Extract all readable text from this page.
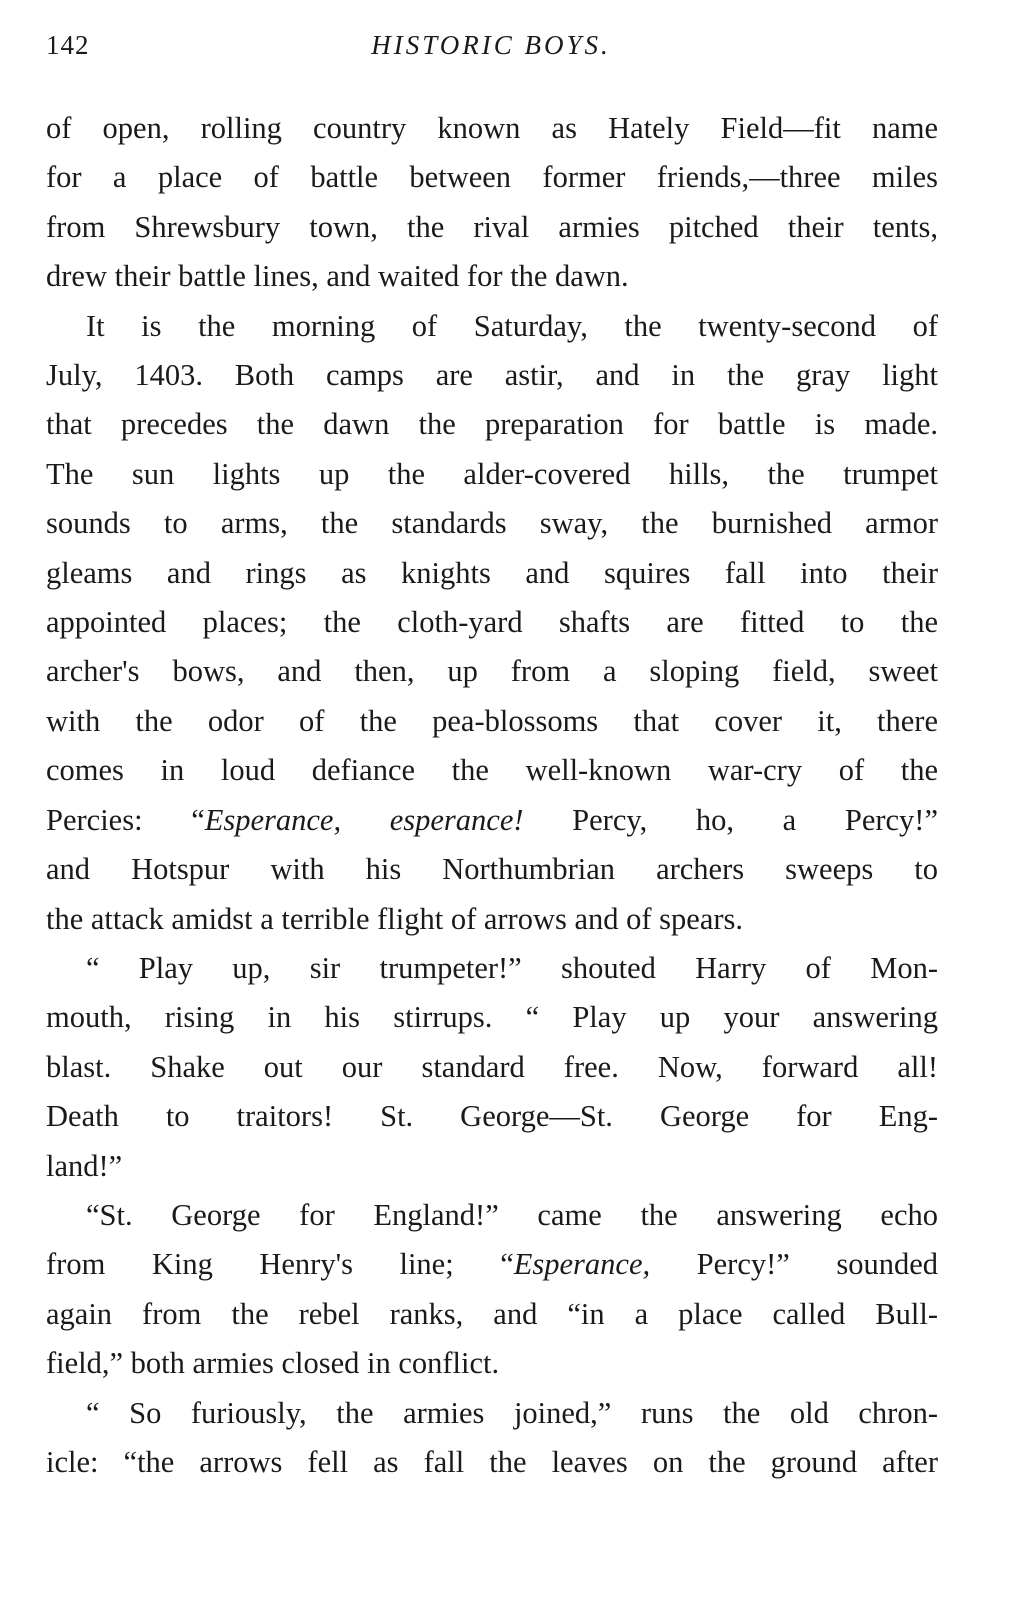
142	HISTORIC BOYS.

of open, rolling country known as Hately Field—fit name
for a place of battle between former friends,—three miles
from Shrewsbury town, the rival armies pitched their tents,
drew their battle lines, and waited for the dawn.

It is the morning of Saturday, the twenty-second of
July, 1403. Both camps are astir, and in the gray light
that precedes the dawn the preparation for battle is made.
The sun lights up the alder-covered hills, the trumpet
sounds to arms, the standards sway, the burnished armor
gleams and rings as knights and squires fall into their
appointed places; the cloth-yard shafts are fitted to the
archer's bows, and then, up from a sloping field, sweet
with the odor of the pea-blossoms that cover it, there
comes in loud defiance the well-known war-cry of the
Percies: “Esperance, esperance! Percy, ho, a Percy!”
and Hotspur with his Northumbrian archers sweeps to
the attack amidst a terrible flight of arrows and of spears.

“ Play up, sir trumpeter!” shouted Harry of Mon-
mouth, rising in his stirrups. “ Play up your answering
blast. Shake out our standard free. Now, forward all!
Death to traitors! St. George—St. George for Eng-
land!”

“St. George for England!” came the answering echo
from King Henry's line; “Esperance, Percy!” sounded
again from the rebel ranks, and “in a place called Bull-
field,” both armies closed in conflict.

“ So furiously, the armies joined,” runs the old chron-
icle: “the arrows fell as fall the leaves on the ground after
